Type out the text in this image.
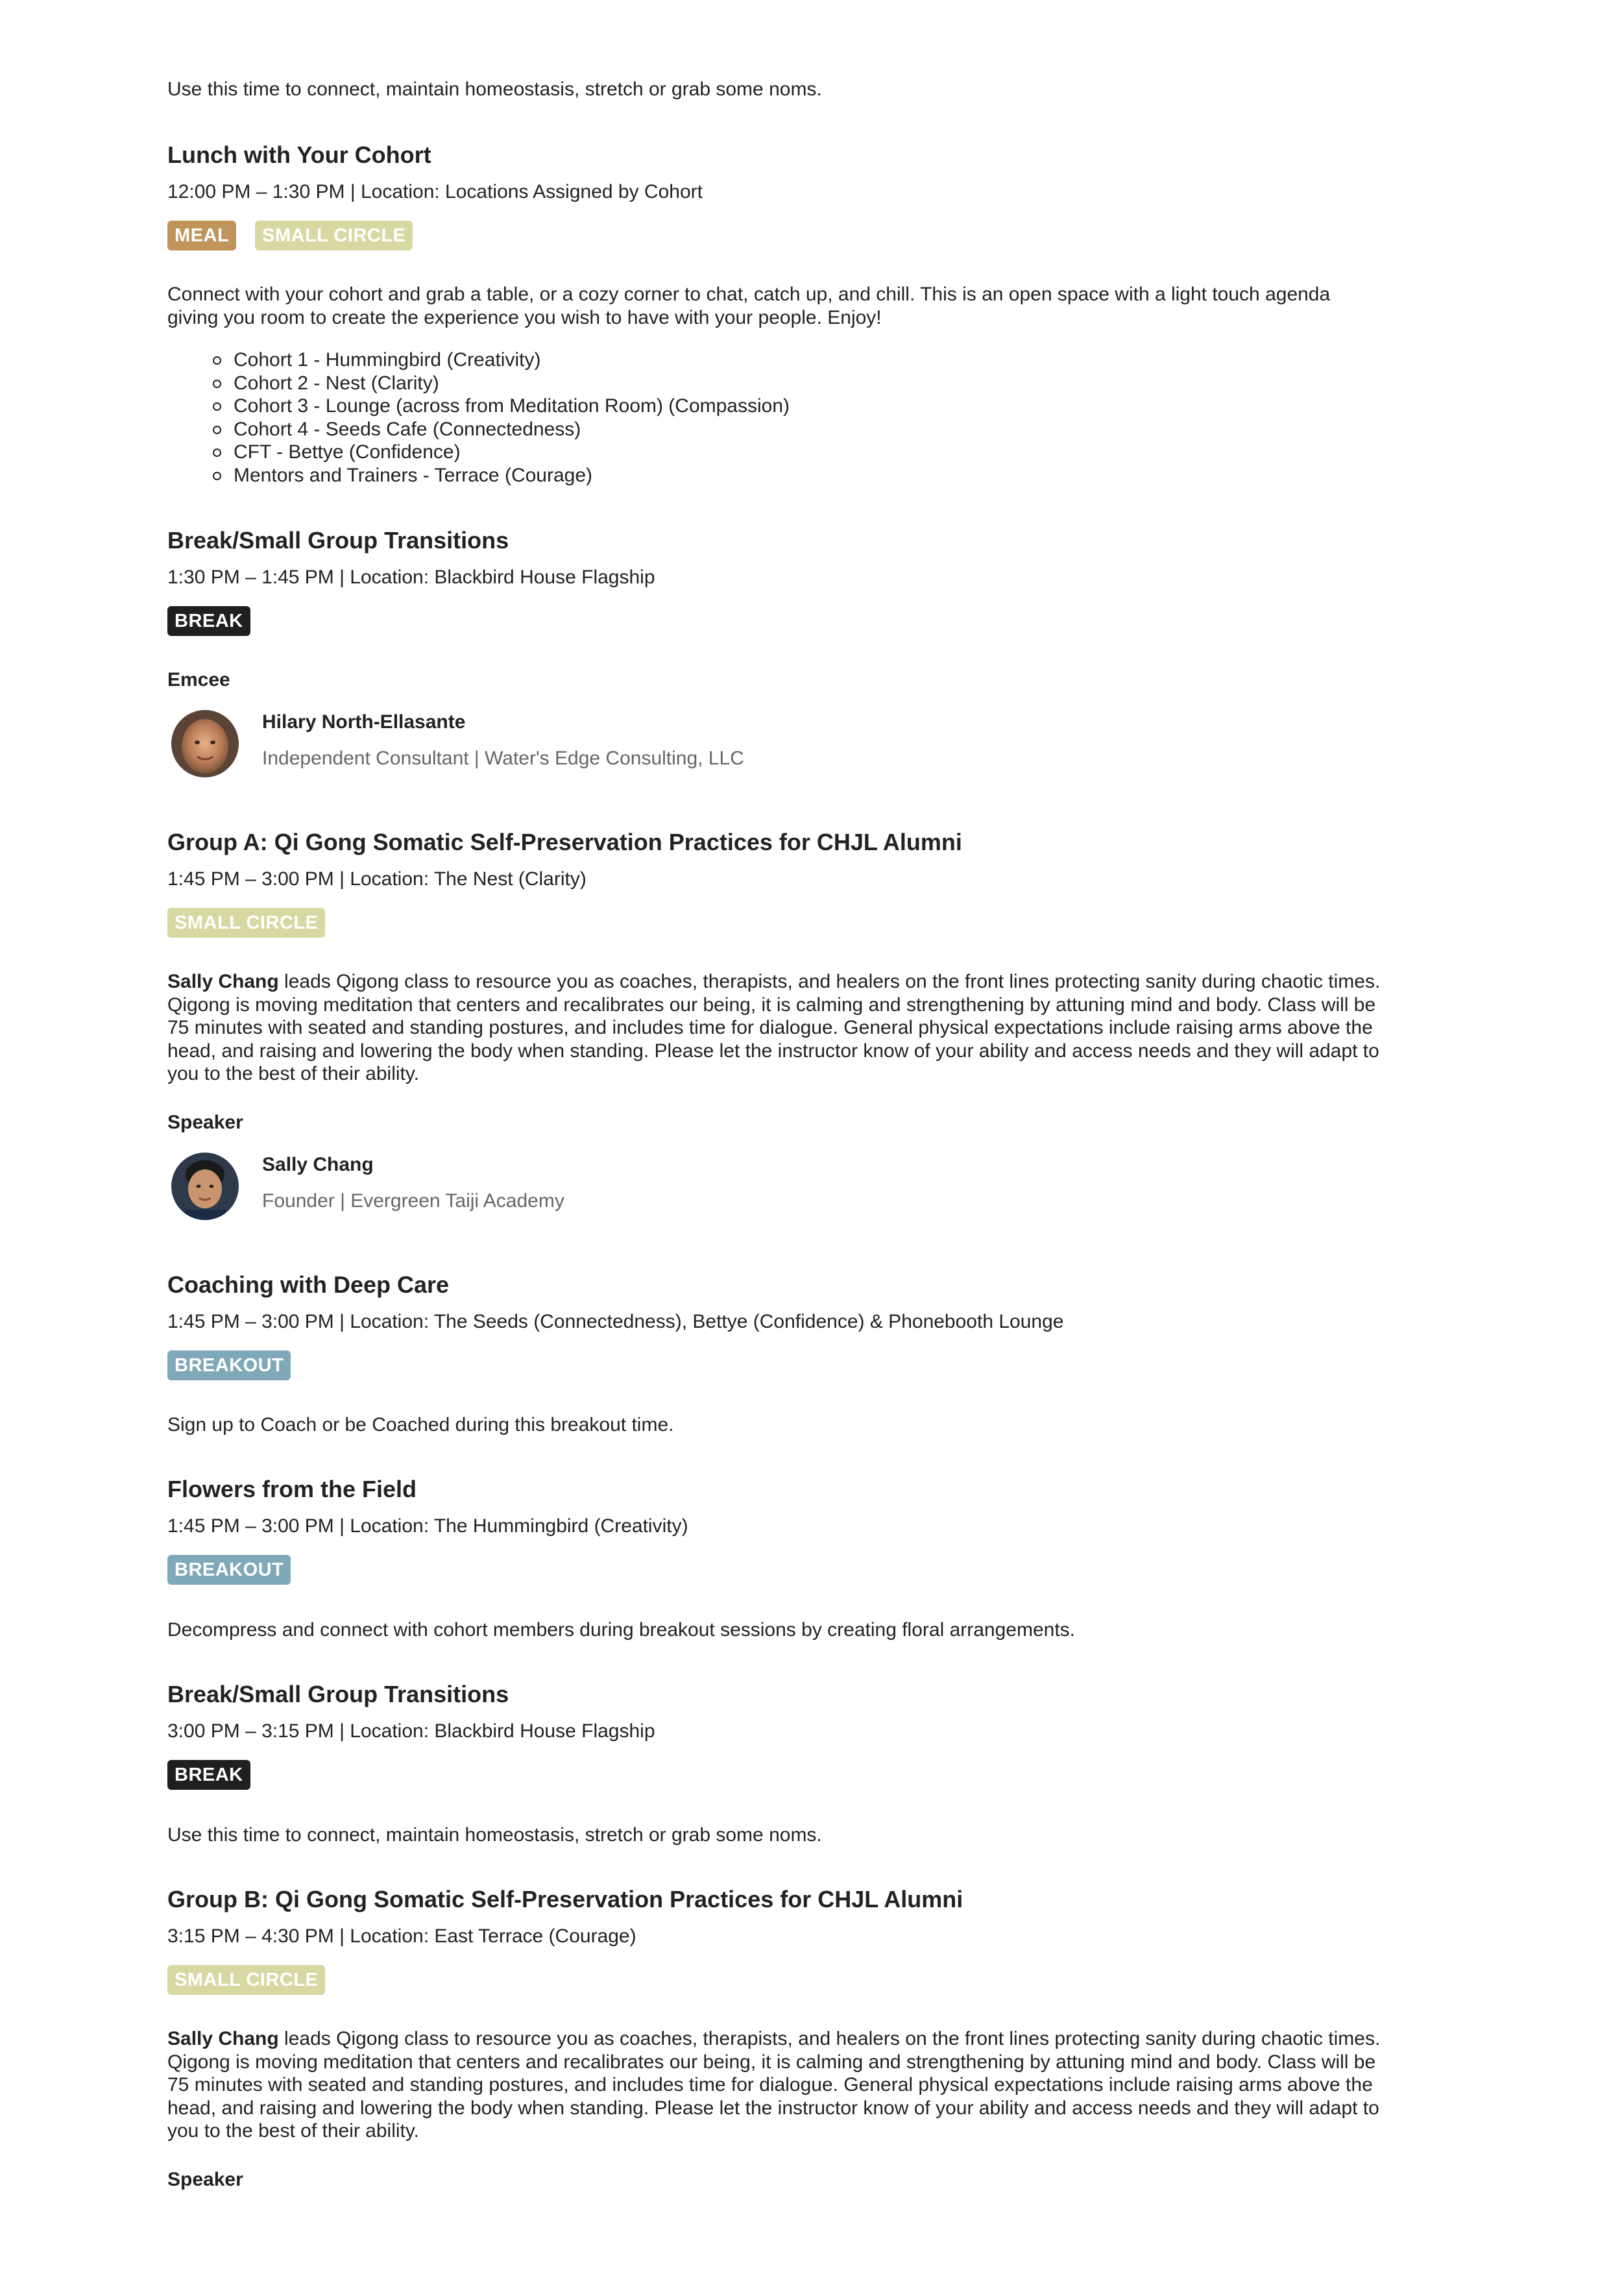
Use this time to connect, maintain homeostasis, stretch or grab some noms.
Lunch with Your Cohort
12:00 PM – 1:30 PM | Location: Locations Assigned by Cohort
MEAL	SMALL CIRCLE
Connect with your cohort and grab a table, or a cozy corner to chat, catch up, and chill. This is an open space with a light touch agenda giving you room to create the experience you wish to have with your people. Enjoy!
Cohort 1 - Hummingbird (Creativity)
Cohort 2 - Nest (Clarity)
Cohort 3 - Lounge (across from Meditation Room) (Compassion)
Cohort 4 - Seeds Cafe (Connectedness)
CFT - Bettye (Confidence)
Mentors and Trainers - Terrace (Courage)
Break/Small Group Transitions
1:30 PM – 1:45 PM | Location: Blackbird House Flagship
BREAK
Emcee
Hilary North-Ellasante
Independent Consultant | Water's Edge Consulting, LLC
Group A: Qi Gong Somatic Self-Preservation Practices for CHJL Alumni
1:45 PM – 3:00 PM | Location: The Nest (Clarity)
SMALL CIRCLE
Sally Chang leads Qigong class to resource you as coaches, therapists, and healers on the front lines protecting sanity during chaotic times. Qigong is moving meditation that centers and recalibrates our being, it is calming and strengthening by attuning mind and body. Class will be 75 minutes with seated and standing postures, and includes time for dialogue. General physical expectations include raising arms above the head, and raising and lowering the body when standing. Please let the instructor know of your ability and access needs and they will adapt to you to the best of their ability.
Speaker
Sally Chang
Founder | Evergreen Taiji Academy
Coaching with Deep Care
1:45 PM – 3:00 PM | Location: The Seeds (Connectedness), Bettye (Confidence) & Phonebooth Lounge
BREAKOUT
Sign up to Coach or be Coached during this breakout time.
Flowers from the Field
1:45 PM – 3:00 PM | Location: The Hummingbird (Creativity)
BREAKOUT
Decompress and connect with cohort members during breakout sessions by creating floral arrangements.
Break/Small Group Transitions
3:00 PM – 3:15 PM | Location: Blackbird House Flagship
BREAK
Use this time to connect, maintain homeostasis, stretch or grab some noms.
Group B: Qi Gong Somatic Self-Preservation Practices for CHJL Alumni
3:15 PM – 4:30 PM | Location: East Terrace (Courage)
SMALL CIRCLE
Sally Chang leads Qigong class to resource you as coaches, therapists, and healers on the front lines protecting sanity during chaotic times. Qigong is moving meditation that centers and recalibrates our being, it is calming and strengthening by attuning mind and body. Class will be 75 minutes with seated and standing postures, and includes time for dialogue. General physical expectations include raising arms above the head, and raising and lowering the body when standing. Please let the instructor know of your ability and access needs and they will adapt to you to the best of their ability.
Speaker
